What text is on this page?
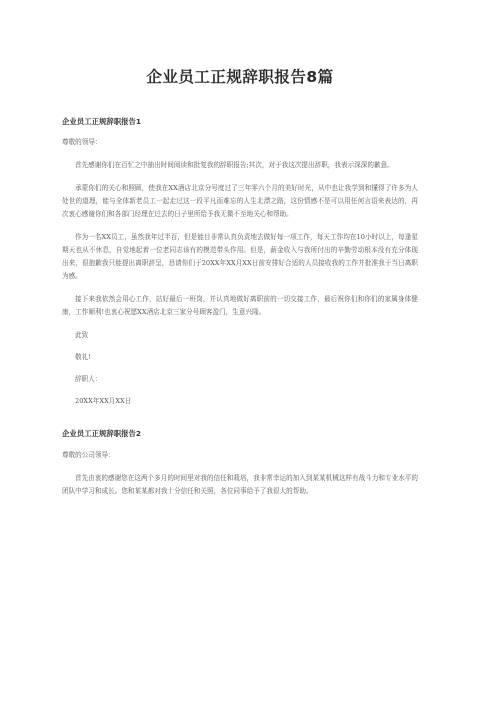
企业员工正规辞职报告8篇

企业员工正规辞职报告1

尊敬的领导：

首先感谢你们在百忙之中抽出时间阅读和批复我的辞职报告;其次，对于我这次提出辞职，我表示深深的歉意。

承蒙你们的关心和照顾，使我在XX酒店北京分号度过了三年零六个月的美好时光，从中也让我学到和懂得了许多为人处世的道理，能与全体新老员工一起走过这一段平凡而难忘的人生北漂之路，这份情感不是可以用任何言语来表达的，再次衷心感谢你们和各部门经理在过去的日子里所给予我无微不至地关心和帮助。

作为一名XX员工，虽然我年过半百，但是能目非常认真负责地去做好每一项工作，每天工作均在10小时以上，每逢星期天也从不休息，自觉地起着一位老同志该有的模范带头作用。但是，薪金收入与我所付出的辛勤劳动根本没有充分体现出来，很抱歉我只能提出离职辞呈，恳请你们于20XX年XX月XX日前安排好合适的人员接收我的工作并批准我于当日离职为感。

接下来我依然会用心工作，站好最后一班岗，并认真地做好离职前的一切交接工作，最后祝你们和你们的家属身体健康，工作顺利!也衷心祝愿XX酒店北京三家分号顾客盈门，生意兴隆。

此致

敬礼!

辞职人：

20XX年XX月XX日

企业员工正规辞职报告2

尊敬的公司领导：

首先由衷的感谢您在这两个多月的时间里对我的信任和栽培，我非常幸运的加入到某某机械这样有战斗力和专业水平的团队中学习和成长。您和某某都对我十分信任和关照，各位同事给予了我很大的帮助。
